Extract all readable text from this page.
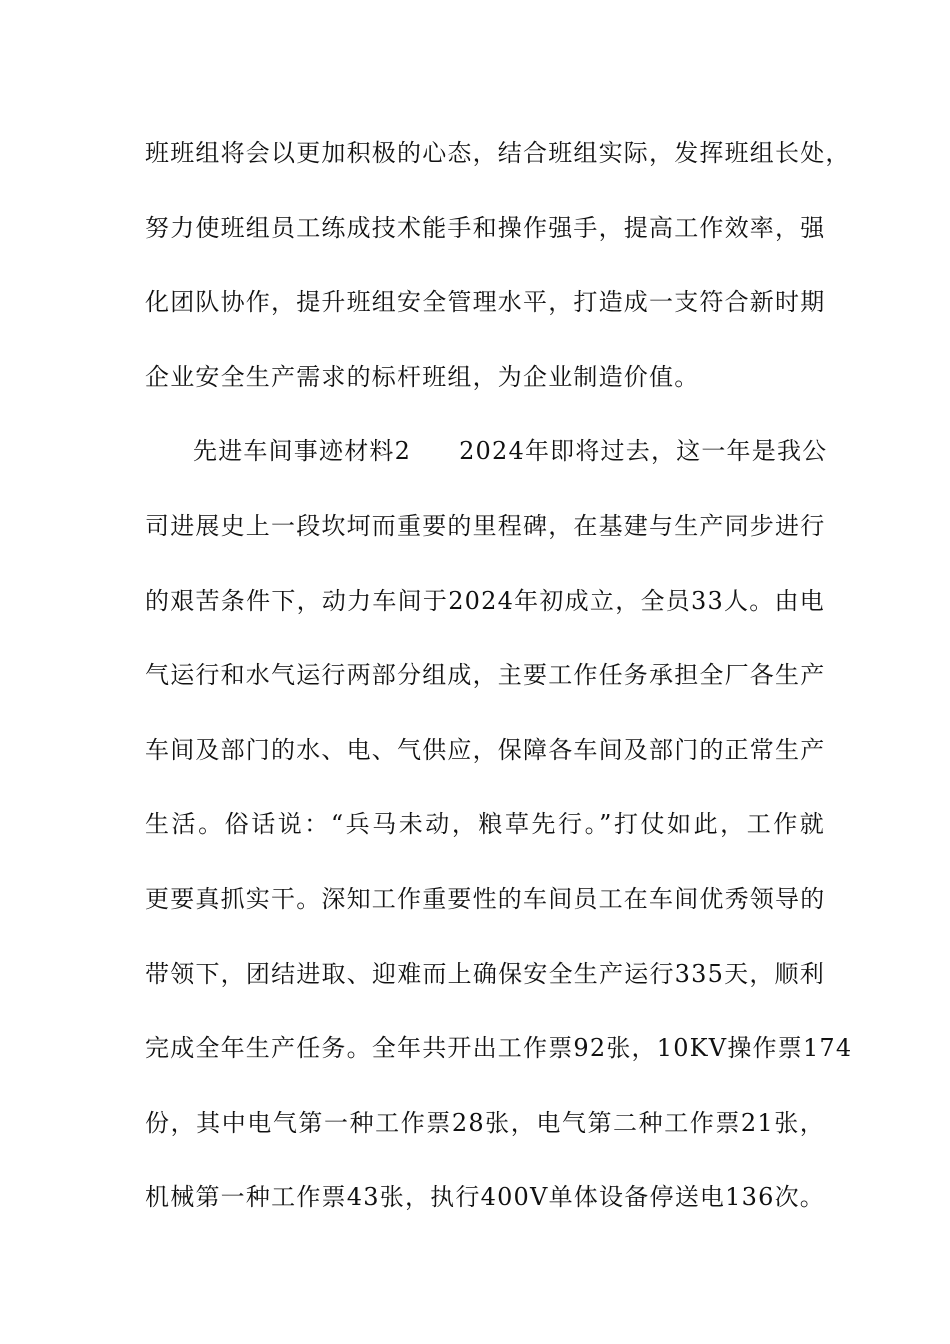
班班组将会以更加积极的心态，结合班组实际，发挥班组长处，
努力使班组员工练成技术能手和操作强手，提高工作效率，强
化团队协作，提升班组安全管理水平，打造成一支符合新时期
企业安全生产需求的标杆班组，为企业制造价值。
先进车间事迹材料2 2024年即将过去，这一年是我公
司进展史上一段坎坷而重要的里程碑，在基建与生产同步进行
的艰苦条件下，动力车间于2024年初成立，全员33人。由电
气运行和水气运行两部分组成，主要工作任务承担全厂各生产
车间及部门的水、电、气供应，保障各车间及部门的正常生产
生活。俗话说：“兵马未动，粮草先行。”打仗如此，工作就
更要真抓实干。深知工作重要性的车间员工在车间优秀领导的
带领下，团结进取、迎难而上确保安全生产运行335天，顺利
完成全年生产任务。全年共开出工作票92张，10KV操作票174
份，其中电气第一种工作票28张，电气第二种工作票21张，
机械第一种工作票43张，执行400V单体设备停送电136次。
